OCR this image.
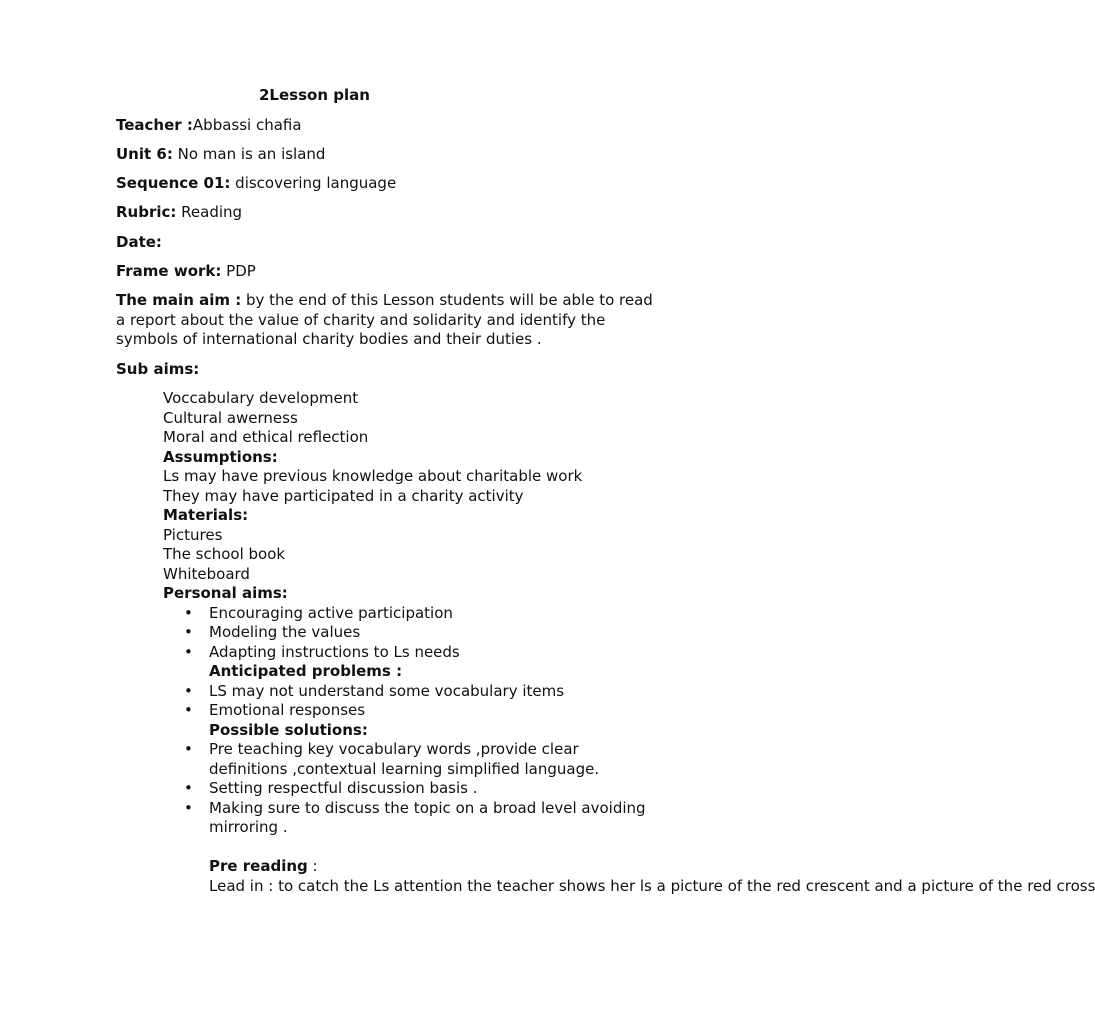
2Lesson plan
Teacher :Abbassi chafia
Unit 6: No man is an island
Sequence 01: discovering language
Rubric: Reading
Date:
Frame work: PDP
The main aim : by the end of this Lesson students will be able to read a report about the value of charity and solidarity and identify the symbols of international charity bodies and their duties .
Sub aims:
Voccabulary development
Cultural awerness
Moral and ethical reflection
Assumptions:
Ls may have previous knowledge about charitable work
They may have participated in a charity activity
Materials:
Pictures
The school book
Whiteboard
Personal aims:
• Encouraging active participation
• Modeling the values
• Adapting instructions to Ls needs
Anticipated problems :
• LS may not understand some vocabulary items
• Emotional responses
Possible solutions:
• Pre teaching key vocabulary words ,provide clear definitions ,contextual learning simplified language.
• Setting respectful discussion basis .
• Making sure to discuss the topic on a broad level avoiding mirroring .
Pre reading :
Lead in : to catch the Ls attention the teacher shows her ls a picture of the red crescent and a picture of the red cross
